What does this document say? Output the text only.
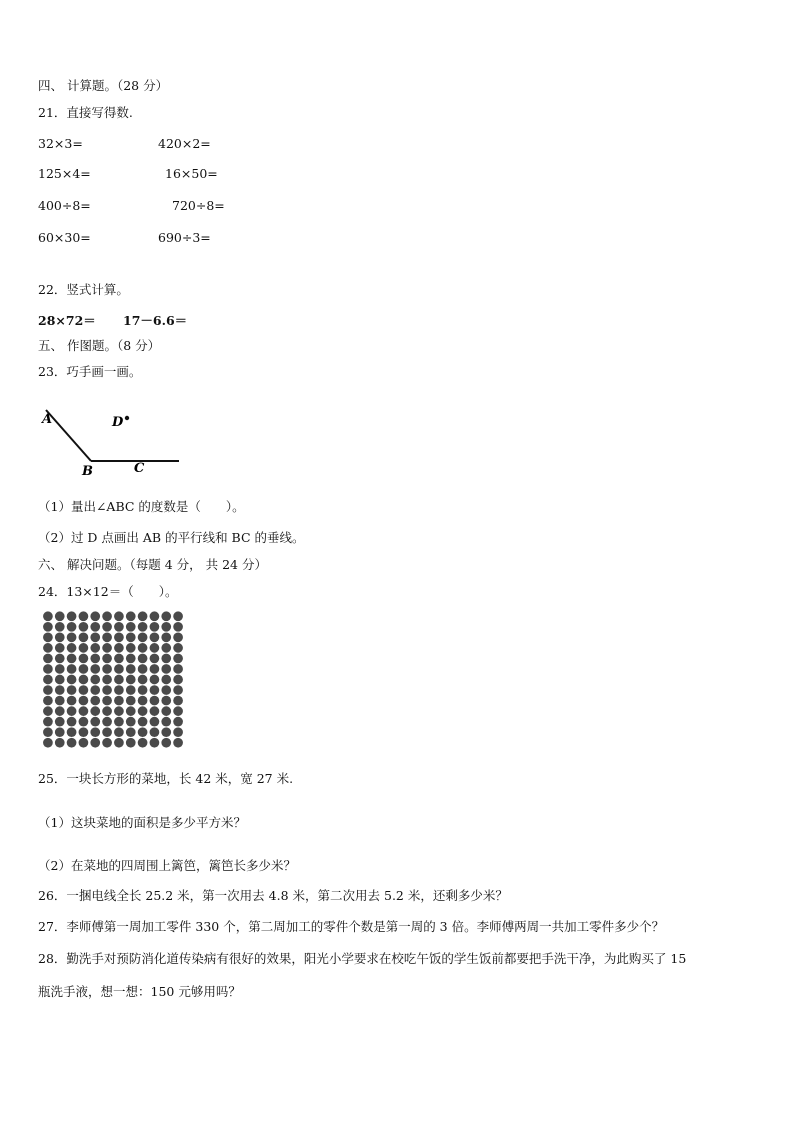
四、 计算题。（28 分）
21．直接写得数.
32×3=	420×2=
125×4=	16×50=
400÷8=	720÷8=
60×30=	690÷3=
22．竖式计算。
28×72＝ 17－6.6＝
五、 作图题。（8 分）
23．巧手画一画。
A
B	C
D
（1）量出∠ABC 的度数是（　　）。
（2）过 D 点画出 AB 的平行线和 BC 的垂线。
六、 解决问题。（每题 4 分， 共 24 分）
24．13×12＝（　　）。
25．一块长方形的菜地，长 42 米，宽 27 米.
（1）这块菜地的面积是多少平方米？
（2）在菜地的四周围上篱笆，篱笆长多少米？
26．一捆电线全长 25.2 米，第一次用去 4.8 米，第二次用去 5.2 米，还剩多少米？
27．李师傅第一周加工零件 330 个，第二周加工的零件个数是第一周的 3 倍。李师傅两周一共加工零件多少个？
28．勤洗手对预防消化道传染病有很好的效果，阳光小学要求在校吃午饭的学生饭前都要把手洗干净，为此购买了 15
瓶洗手液，想一想：150 元够用吗？
